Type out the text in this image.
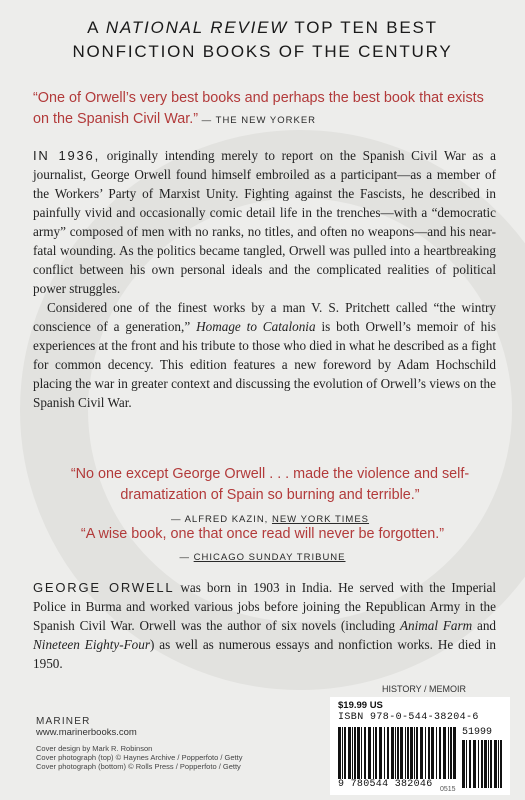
A NATIONAL REVIEW TOP TEN BEST
NONFICTION BOOKS OF THE CENTURY
“One of Orwell’s very best books and perhaps the best book that exists on the Spanish Civil War.” — THE NEW YORKER

IN 1936, originally intending merely to report on the Spanish Civil War as a journalist, George Orwell found himself embroiled as a participant—as a member of the Workers’ Party of Marxist Unity. Fighting against the Fascists, he described in painfully vivid and occasionally comic detail life in the trenches—with a “democratic army” composed of men with no ranks, no titles, and often no weapons—and his near-fatal wounding. As the politics became tangled, Orwell was pulled into a heartbreaking conflict between his own personal ideals and the complicated realities of political power struggles.

Considered one of the finest works by a man V. S. Pritchett called “the wintry conscience of a generation,” Homage to Catalonia is both Orwell’s memoir of his experiences at the front and his tribute to those who died in what he described as a fight for common decency. This edition features a new foreword by Adam Hochschild placing the war in greater context and discussing the evolution of Orwell’s views on the Spanish Civil War.

“No one except George Orwell . . . made the violence and self-dramatization of Spain so burning and terrible.”
— ALFRED KAZIN, NEW YORK TIMES
“A wise book, one that once read will never be forgotten.”
— CHICAGO SUNDAY TRIBUNE

GEORGE ORWELL was born in 1903 in India. He served with the Imperial Police in Burma and worked various jobs before joining the Republican Army in the Spanish Civil War. Orwell was the author of six novels (including Animal Farm and Nineteen Eighty-Four) as well as numerous essays and nonfiction works. He died in 1950.

HISTORY / MEMOIR
MARINER
www.marinerbooks.com
Cover design by Mark R. Robinson
Cover photograph (top) © Haynes Archive / Popperfoto / Getty
Cover photograph (bottom) © Rolls Press / Popperfoto / Getty
$19.99 US
ISBN 978-0-544-38204-6
9 780544 382046
51999
0515
